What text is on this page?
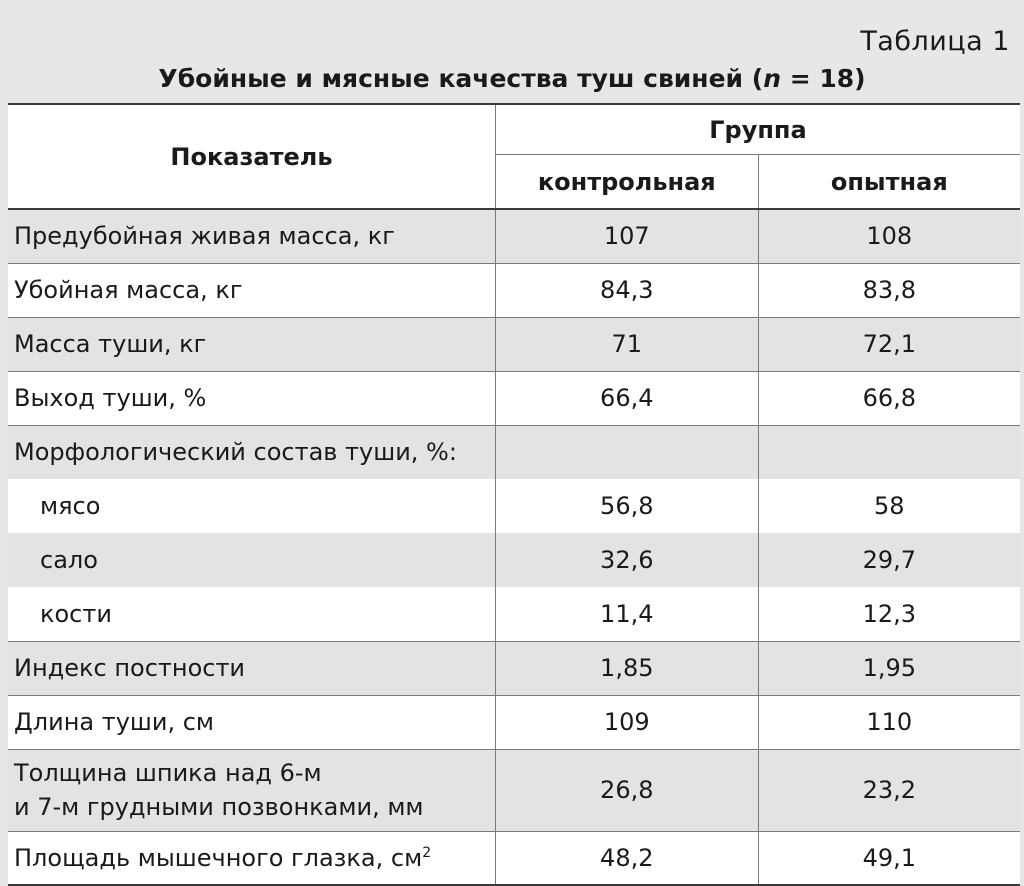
Таблица 1
Убойные и мясные качества туш свиней (n = 18)
Показатель	Группа	
	контрольная	опытная
Предубойная живая масса, кг	107	108
Убойная масса, кг	84,3	83,8
Масса туши, кг	71	72,1
Выход туши, %	66,4	66,8
Морфологический состав туши, %:		
мясо	56,8	58
сало	32,6	29,7
кости	11,4	12,3
Индекс постности	1,85	1,95
Длина туши, см	109	110
Толщина шпика над 6-м
и 7-м грудными позвонками, мм	26,8	23,2
Площадь мышечного глазка, $см^2$	48,2	49,1
